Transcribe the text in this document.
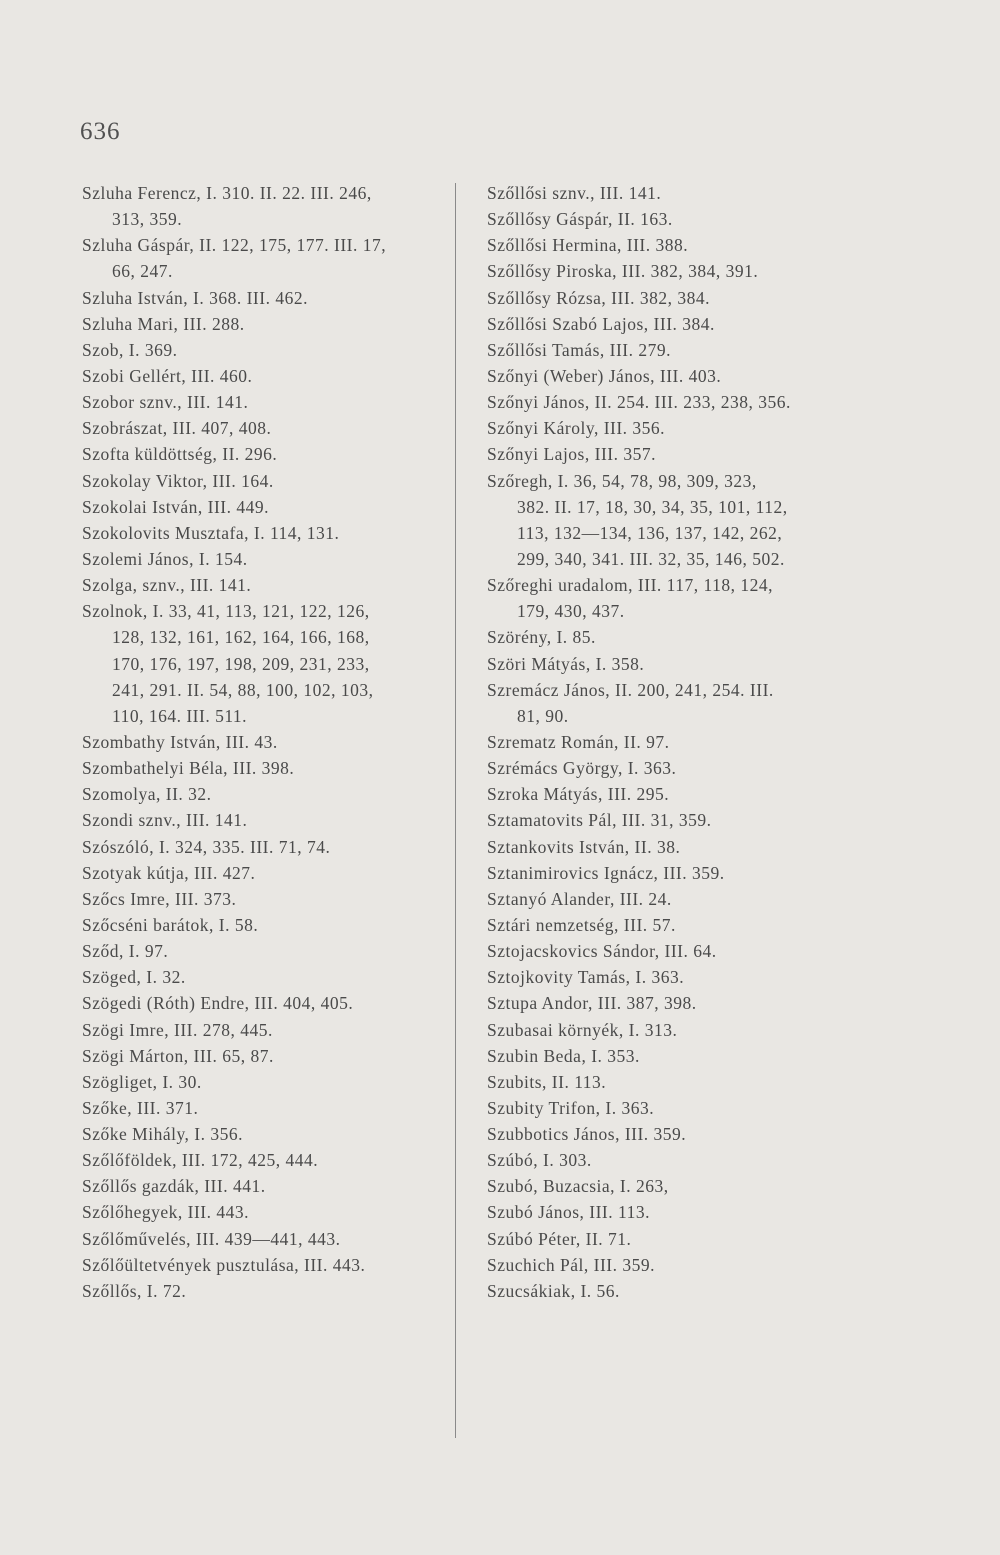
636
Szluha Ferencz, I. 310. II. 22. III. 246,
313, 359.
Szluha Gáspár, II. 122, 175, 177. III. 17,
66, 247.
Szluha István, I. 368. III. 462.
Szluha Mari, III. 288.
Szob, I. 369.
Szobi Gellért, III. 460.
Szobor sznv., III. 141.
Szobrászat, III. 407, 408.
Szofta küldöttség, II. 296.
Szokolay Viktor, III. 164.
Szokolai István, III. 449.
Szokolovits Musztafa, I. 114, 131.
Szolemi János, I. 154.
Szolga, sznv., III. 141.
Szolnok, I. 33, 41, 113, 121, 122, 126,
128, 132, 161, 162, 164, 166, 168,
170, 176, 197, 198, 209, 231, 233,
241, 291. II. 54, 88, 100, 102, 103,
110, 164. III. 511.
Szombathy István, III. 43.
Szombathelyi Béla, III. 398.
Szomolya, II. 32.
Szondi sznv., III. 141.
Szószóló, I. 324, 335. III. 71, 74.
Szotyak kútja, III. 427.
Szőcs Imre, III. 373.
Szőcséni barátok, I. 58.
Sződ, I. 97.
Szöged, I. 32.
Szögedi (Róth) Endre, III. 404, 405.
Szögi Imre, III. 278, 445.
Szögi Márton, III. 65, 87.
Szögliget, I. 30.
Szőke, III. 371.
Szőke Mihály, I. 356.
Szőlőföldek, III. 172, 425, 444.
Szőllős gazdák, III. 441.
Szőlőhegyek, III. 443.
Szőlőművelés, III. 439—441, 443.
Szőlőültetvények pusztulása, III. 443.
Szőllős, I. 72.
Szőllősi sznv., III. 141.
Szőllősy Gáspár, II. 163.
Szőllősi Hermina, III. 388.
Szőllősy Piroska, III. 382, 384, 391.
Szőllősy Rózsa, III. 382, 384.
Szőllősi Szabó Lajos, III. 384.
Szőllősi Tamás, III. 279.
Szőnyi (Weber) János, III. 403.
Szőnyi János, II. 254. III. 233, 238, 356.
Szőnyi Károly, III. 356.
Szőnyi Lajos, III. 357.
Szőregh, I. 36, 54, 78, 98, 309, 323,
382. II. 17, 18, 30, 34, 35, 101, 112,
113, 132—134, 136, 137, 142, 262,
299, 340, 341. III. 32, 35, 146, 502.
Szőreghi uradalom, III. 117, 118, 124,
179, 430, 437.
Szörény, I. 85.
Szöri Mátyás, I. 358.
Szremácz János, II. 200, 241, 254. III.
81, 90.
Szrematz Román, II. 97.
Szrémács György, I. 363.
Szroka Mátyás, III. 295.
Sztamatovits Pál, III. 31, 359.
Sztankovits István, II. 38.
Sztanimirovics Ignácz, III. 359.
Sztanyó Alander, III. 24.
Sztári nemzetség, III. 57.
Sztojacskovics Sándor, III. 64.
Sztojkovity Tamás, I. 363.
Sztupa Andor, III. 387, 398.
Szubasai környék, I. 313.
Szubin Beda, I. 353.
Szubits, II. 113.
Szubity Trifon, I. 363.
Szubbotics János, III. 359.
Szúbó, I. 303.
Szubó, Buzacsia, I. 263,
Szubó János, III. 113.
Szúbó Péter, II. 71.
Szuchich Pál, III. 359.
Szucsákiak, I. 56.
